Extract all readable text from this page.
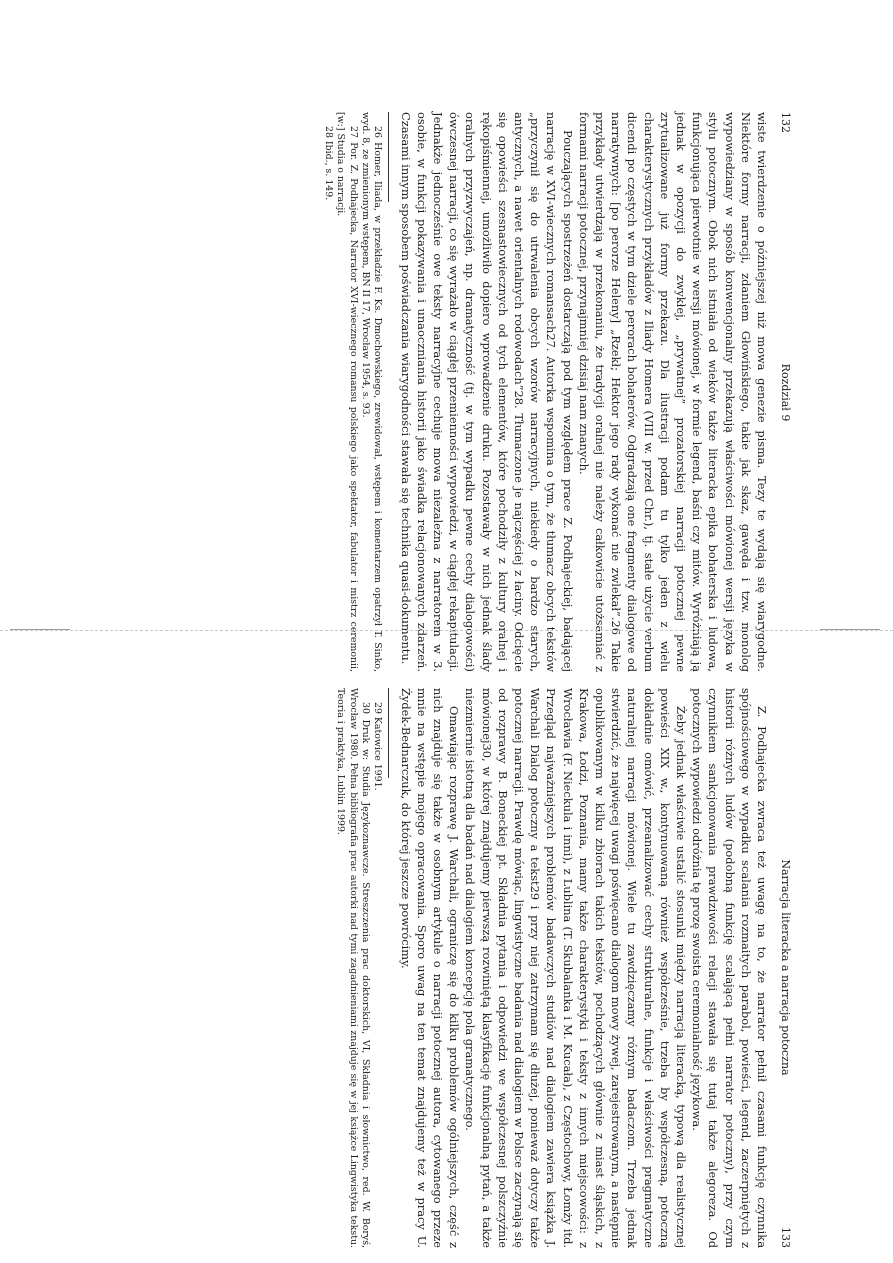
132
Rozdział 9

wiste twierdzenie o późniejszej niż mowa genezie pisma. Tezy te wydają się wiarygodne. Niektóre formy narracji, zdaniem Głowińskiego, takie jak skaz, gawęda i tzw. monolog wypowiedziany w sposób konwencjonalny przekazują właściwości mówionej wersji języka w stylu potocznym. Obok nich istniała od wieków także literacka epika bohaterska i ludowa, funkcjonująca pierwotnie w wersji mówionej, w formie legend, baśni czy mitów. Wyróżniają ją jednak w opozycji do zwykłej, „prywatnej” prozatorskiej narracji potocznej pewne zrytualizowane już formy przekazu. Dla ilustracji podam tu tylko jeden z wielu charakterystycznych przykładów z Iliady Homera (VIII w. przed Chr.), tj. stałe użycie verbum dicendi po częstych w tym dziele perorach bohaterów. Odgradzają one fragmenty dialogowe od narratywnych: [po perorze Heleny] „Rzekł; Hektor jego rady wykonać nie zwlekał”.26 Takie przykłady utwierdzają w przekonaniu, że tradycji oralnej nie należy całkowicie utożsamiać z formami narracji potocznej, przynajmniej dzisiaj nam znanych.

Pouczających spostrzeżeń dostarczają pod tym względem prace Z. Podhajeckiej, badającej narrację w XVI-wiecznych romansach27. Autorka wspomina o tym, że tłumacz obcych tekstów „przyczynił się do utrwalenia obcych wzorów narracyjnych, niekiedy o bardzo starych, antycznych, a nawet orientalnych rodowodach”28. Tłumaczone je najczęściej z łaciny. Odcięcie się opowieści szesnastowiecznych od tych elementów, które pochodziły z kultury oralnej i rękopiśmiennej, umożliwiło dopiero wprowadzenie druku. Pozostawały w nich jednak ślady oralnych przyzwyczajeń, np. dramatyczność (tj. w tym wypadku pewne cechy dialogowości) ówczesnej narracji, co się wyrażało w ciągłej przemienności wypowiedzi, w ciągłej rekapitulacji. Jednakże jednocześnie owe teksty narracyjne cechuje mowa niezależna z narratorem w 3. osobie, w funkcji pokazywania i unaoczniania historii jako świadka relacjonowanych zdarzeń. Czasami innym sposobem poświadczania wiarygodności stawała się technika quasi-dokumentu.

26 Homer, Iliada, w przekładzie F. Ks. Dmochowskiego, zrewidował, wstępem i komentarzem opatrzył T. Sinko, wyd. 8, ze zmienionym wstępem, BN II 17, Wrocław 1954, s. 93.

27 Por. Z. Podhajecka, Narrator XVI-wiecznego romansu polskiego jako spektator, fabulator i mistrz ceremonii, [w:] Studia o narracji.

28 Ibid., s. 149.

Narracja literacka a narracja potoczna
133

Z. Podhajecka zwraca też uwagę na to, że narrator pełnił czasami funkcję czynnika spójnościowego w wypadku scalania rozmaitych parabol, powieści, legend, zaczerpniętych z historii różnych ludów (podobną funkcję scalającą pełni narrator potoczny), przy czym czynnikiem sankcjonowania prawdziwości relacji stawała się tutaj także alegoreza. Od potocznych wypowiedzi odróżnia tę prozę swoista ceremonialność językowa.

Żeby jednak właściwie ustalić stosunki między narracją literacką, typową dla realistycznej powieści XIX w., kontynuowaną również współcześnie, trzeba by współczesną, potoczną dokładnie omówić, przeanalizować cechy strukturalne, funkcje i właściwości pragmatyczne naturalnej narracji mówionej. Wiele tu zawdzięczamy różnym badaczom. Trzeba jednak stwierdzić, że najwięcej uwagi poświęcano dialogom mowy żywej, zarejestrowanym, a następnie opublikowanym w kilku zbiorach takich tekstów, pochodzących głównie z miast śląskich, z Krakowa, Łodzi, Poznania, mamy także charakterystyki i teksty z innych miejscowości: z Wrocławia (F. Nieckula i inni), z Lublina (T. Skubalanka i M. Kucała), z Częstochowy, Łomży itd. Przegląd najważniejszych problemów badawczych studiów nad dialogiem zawiera książka J. Warchali Dialog potoczny a tekst29 i przy niej zatrzymam się dłużej, ponieważ dotyczy także potocznej narracji. Prawdę mówiąc, lingwistyczne badania nad dialogiem w Polsce zaczynają się od rozprawy B. Boneckiej pt. Składnia pytania i odpowiedzi we współczesnej polszczyźnie mówionej30, w której znajdujemy pierwszą rozwiniętą klasyfikację funkcjonalną pytań, a także niezmiernie istotną dla badań nad dialogiem koncepcję pola gramatycznego.

Omawiając rozprawę J. Warchali, ograniczę się do kilku problemów ogólniejszych, część z nich znajduje się także w osobnym artykule o narracji potocznej autora, cytowanego przeze mnie na wstępie mojego opracowania. Sporo uwag na ten temat znajdujemy też w pracy U. Żydek-Bednarczuk, do której jeszcze powrócimy.

29 Katowice 1991.

30 Druk w: Studia Językoznawcze. Streszczenia prac doktorskich, VI, Składnia i słownictwo, red. W. Boryś, Wrocław 1980. Pełna bibliografia prac autorki nad tymi zagadnieniami znajduje się w jej książce Lingwistyka tekstu. Teoria i praktyka, Lublin 1999.
